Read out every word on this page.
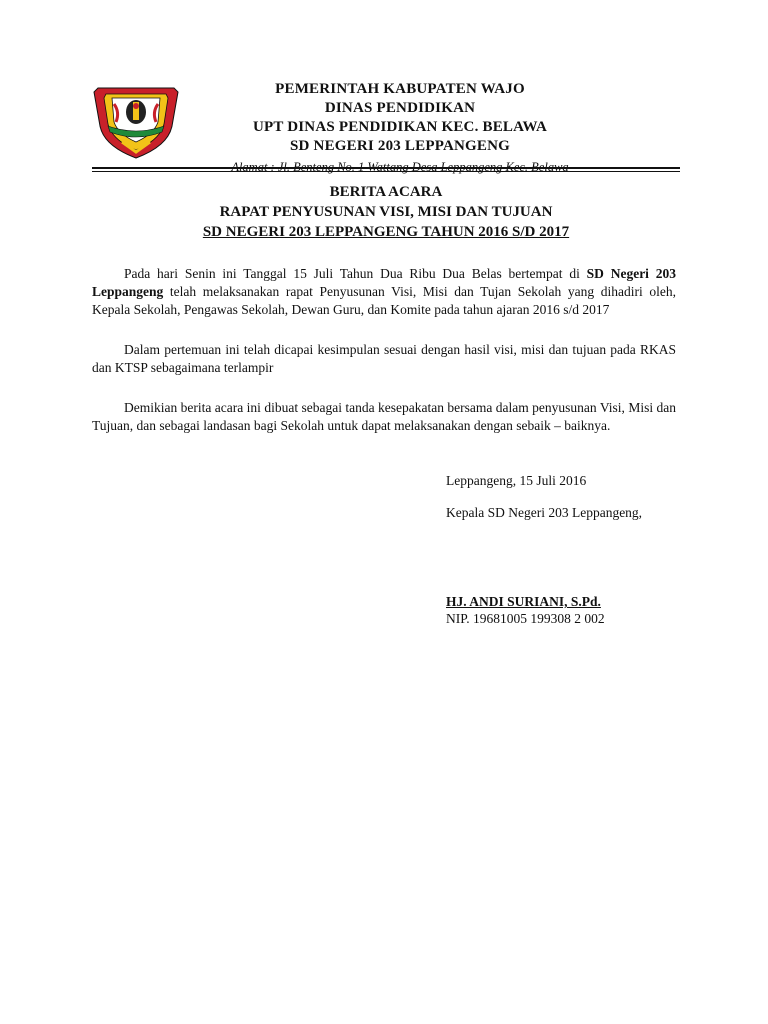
PEMERINTAH KABUPATEN WAJO
DINAS PENDIDIKAN
UPT DINAS PENDIDIKAN KEC. BELAWA
SD NEGERI 203 LEPPANGENG
Alamat : Jl. Benteng No. 1 Wattang Desa Leppangeng Kec. Belawa
BERITA ACARA
RAPAT PENYUSUNAN VISI, MISI DAN TUJUAN
SD NEGERI 203 LEPPANGENG TAHUN 2016 S/D 2017

Pada hari Senin ini Tanggal 15 Juli Tahun Dua Ribu Dua Belas bertempat di SD Negeri 203 Leppangeng telah melaksanakan rapat Penyusunan Visi, Misi dan Tujan Sekolah yang dihadiri oleh, Kepala Sekolah, Pengawas Sekolah, Dewan Guru, dan Komite pada tahun ajaran 2016 s/d 2017

Dalam pertemuan ini telah dicapai kesimpulan sesuai dengan hasil visi, misi dan tujuan pada RKAS dan KTSP sebagaimana terlampir

Demikian berita acara ini dibuat sebagai tanda kesepakatan bersama dalam penyusunan Visi, Misi dan Tujuan, dan sebagai landasan bagi Sekolah untuk dapat melaksanakan dengan sebaik – baiknya.

Leppangeng, 15 Juli 2016
Kepala SD Negeri 203 Leppangeng,
HJ. ANDI SURIANI, S.Pd.
NIP. 19681005 199308 2 002
